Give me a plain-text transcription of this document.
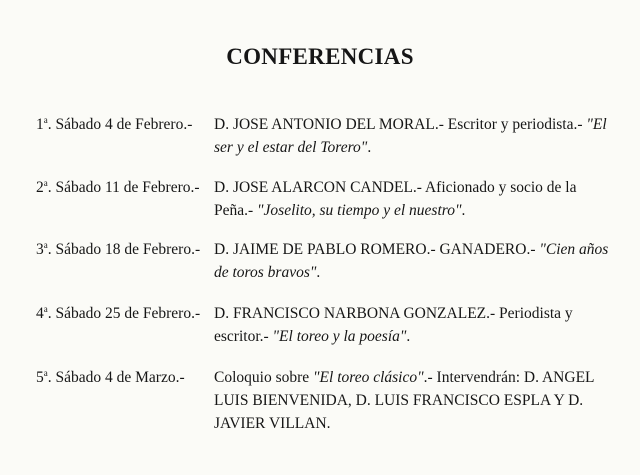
CONFERENCIAS
1$^a$. Sábado 4 de Febrero.- D. JOSE ANTONIO DEL MORAL.- Escritor y periodista.- "El ser y el estar del Torero".
2$^a$. Sábado 11 de Febrero.- D. JOSE ALARCON CANDEL.- Aficionado y socio de la Peña.- "Joselito, su tiempo y el nuestro".
3$^a$. Sábado 18 de Febrero.- D. JAIME DE PABLO ROMERO.- GANADERO.- "Cien años de toros bravos".
4$^a$. Sábado 25 de Febrero.- D. FRANCISCO NARBONA GONZALEZ.- Periodista y escritor.- "El toreo y la poesía".
5$^a$. Sábado 4 de Marzo.- Coloquio sobre "El toreo clásico".- Intervendrán: D. ANGEL LUIS BIENVENIDA, D. LUIS FRANCISCO ESPLA Y D. JAVIER VILLAN.
